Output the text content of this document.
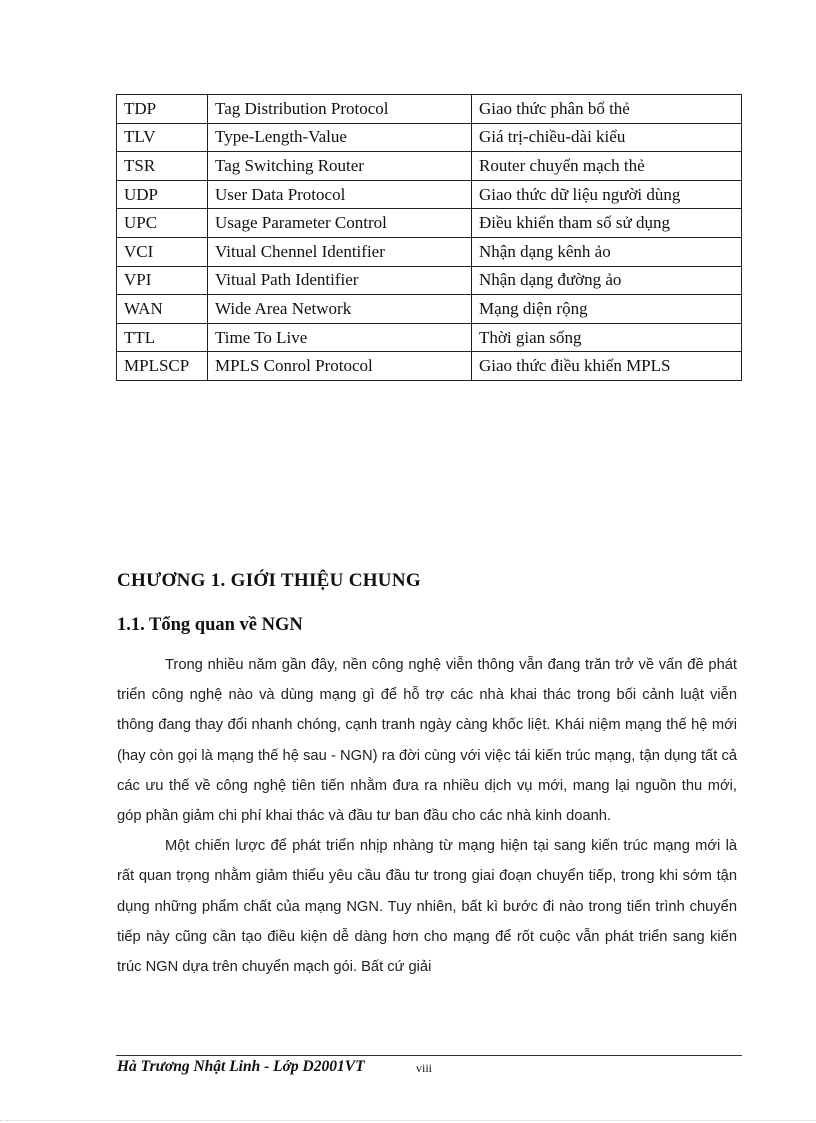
TDP	Tag Distribution Protocol	Giao thức phân bổ thẻ
TLV	Type-Length-Value	Giá trị-chiều-dài kiểu
TSR	Tag Switching Router	Router chuyển mạch thẻ
UDP	User Data Protocol	Giao thức dữ liệu người dùng
UPC	Usage Parameter Control	Điều khiển tham số sử dụng
VCI	Vitual Chennel Identifier	Nhận dạng kênh ảo
VPI	Vitual Path Identifier	Nhận dạng đường ảo
WAN	Wide Area Network	Mạng diện rộng
TTL	Time To Live	Thời gian sống
MPLSCP	MPLS Conrol Protocol	Giao thức điều khiển MPLS
CHƯƠNG 1. GIỚI THIỆU CHUNG
1.1. Tổng quan về NGN

Trong nhiều năm gần đây, nền công nghệ viễn thông vẫn đang trăn trở về vấn đề phát triển công nghệ nào và dùng mạng gì để hỗ trợ các nhà khai thác trong bối cảnh luật viễn thông đang thay đổi nhanh chóng, cạnh tranh ngày càng khốc liệt. Khái niệm mạng thế hệ mới (hay còn gọi là mạng thế hệ sau - NGN) ra đời cùng với việc tái kiến trúc mạng, tận dụng tất cả các ưu thế về công nghệ tiên tiến nhằm đưa ra nhiều dịch vụ mới, mang lại nguồn thu mới, góp phần giảm chi phí khai thác và đầu tư ban đầu cho các nhà kinh doanh.

Một chiến lược để phát triển nhịp nhàng từ mạng hiện tại sang kiến trúc mạng mới là rất quan trọng nhằm giảm thiểu yêu cầu đầu tư trong giai đoạn chuyển tiếp, trong khi sớm tận dụng những phẩm chất của mạng NGN. Tuy nhiên, bất kì bước đi nào trong tiến trình chuyển tiếp này cũng cần tạo điều kiện dễ dàng hơn cho mạng để rốt cuộc vẫn phát triển sang kiến trúc NGN dựa trên chuyển mạch gói. Bất cứ giải

Hà Trương Nhật Linh - Lớp D2001VT	viii
